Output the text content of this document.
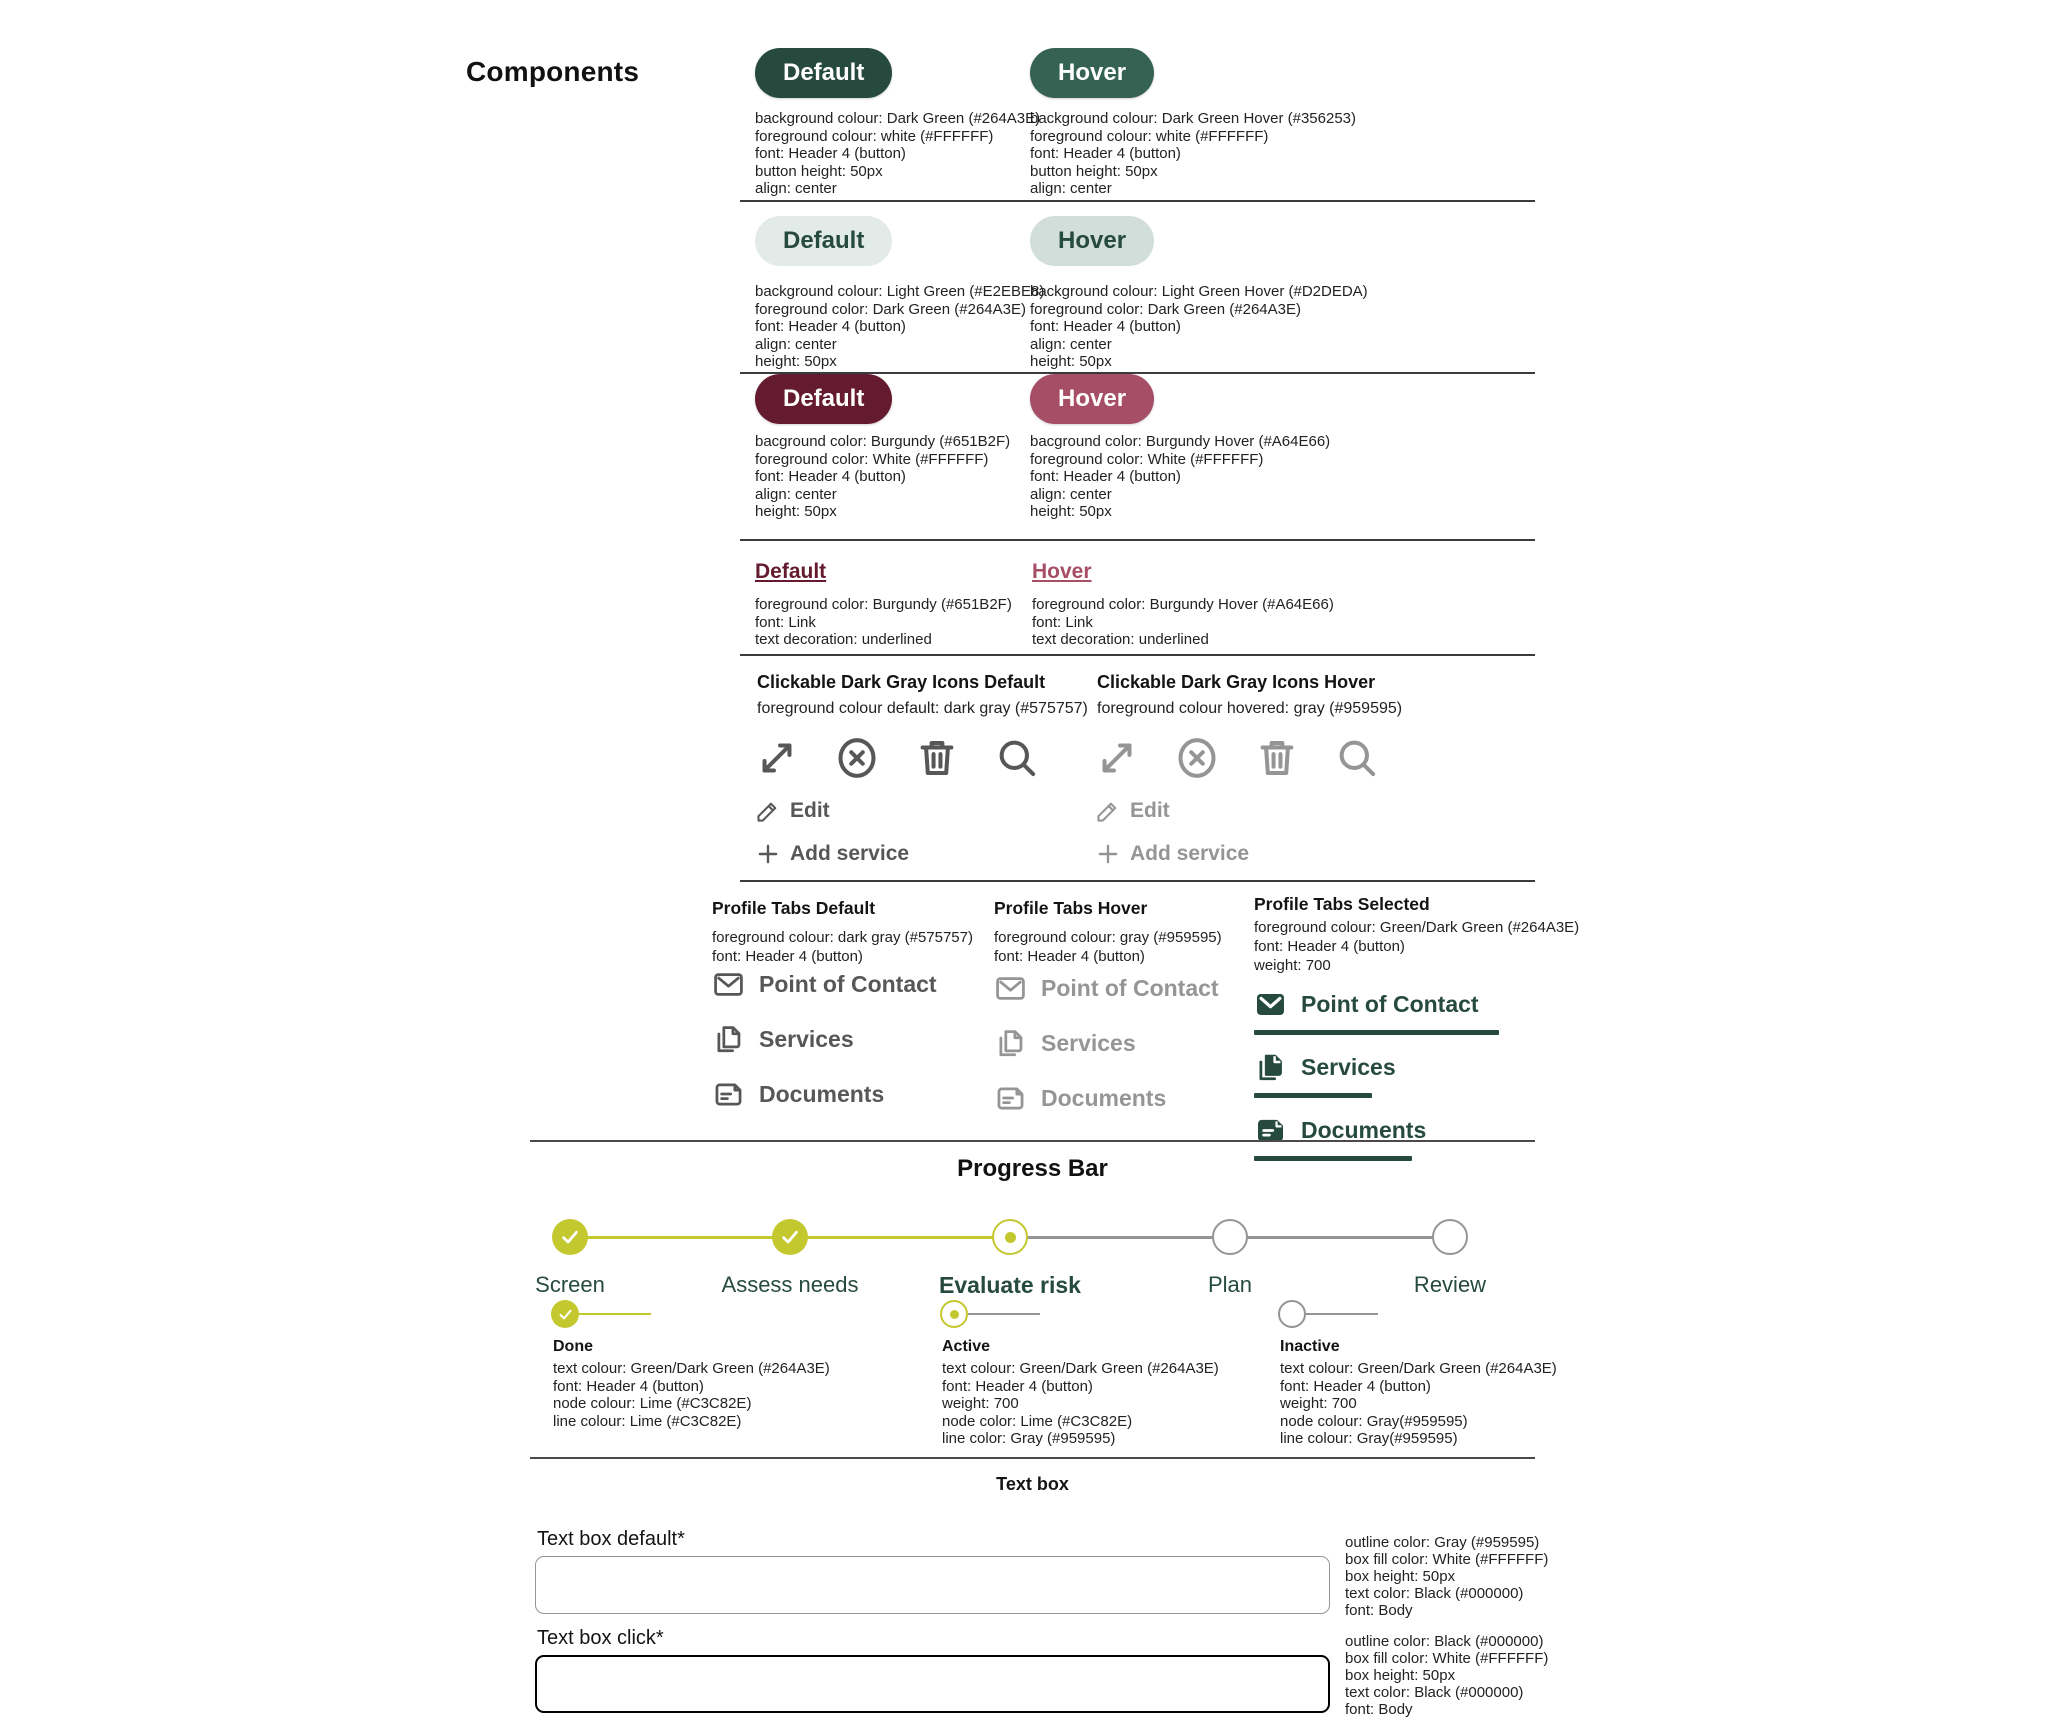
Components	Default	Hover
background colour: Dark Green (#264A3E)
foreground colour: white (#FFFFFF)
font: Header 4 (button)
button height: 50px
align: center
background colour: Dark Green Hover (#356253)
foreground colour: white (#FFFFFF)
font: Header 4 (button)
button height: 50px
align: center
Default	Hover
background colour: Light Green (#E2EBE8)
foreground color: Dark Green (#264A3E)
font: Header 4 (button)
align: center
height: 50px
background colour: Light Green Hover (#D2DEDA)
foreground color: Dark Green (#264A3E)
font: Header 4 (button)
align: center
height: 50px
Default	Hover
bacground color: Burgundy (#651B2F)
foreground color: White (#FFFFFF)
font: Header 4 (button)
align: center
height: 50px
bacground color: Burgundy Hover (#A64E66)
foreground color: White (#FFFFFF)
font: Header 4 (button)
align: center
height: 50px
Default	Hover
foreground color: Burgundy (#651B2F)
font: Link
text decoration: underlined
foreground color: Burgundy Hover (#A64E66)
font: Link
text decoration: underlined
Clickable Dark Gray Icons Default
foreground colour default: dark gray (#575757)
Edit
Add service
Clickable Dark Gray Icons Hover
foreground colour hovered: gray (#959595)
Edit
Add service
Profile Tabs Default
foreground colour: dark gray (#575757)
font: Header 4 (button)
Point of Contact
Services
Documents
Profile Tabs Hover
foreground colour: gray (#959595)
font: Header 4 (button)
Point of Contact
Services
Documents
Profile Tabs Selected
foreground colour: Green/Dark Green (#264A3E)
font: Header 4 (button)
weight: 700
Point of Contact
Services
Documents
Progress Bar
Screen	Assess needs	Evaluate risk	Plan	Review
Done
text colour: Green/Dark Green (#264A3E)
font: Header 4 (button)
node colour: Lime (#C3C82E)
line colour: Lime (#C3C82E)
Active
text colour: Green/Dark Green (#264A3E)
font: Header 4 (button)
weight: 700
node color: Lime (#C3C82E)
line color: Gray (#959595)
Inactive
text colour: Green/Dark Green (#264A3E)
font: Header 4 (button)
weight: 700
node colour: Gray(#959595)
line colour: Gray(#959595)
Text box
Text box default*	outline color: Gray (#959595)
box fill color: White (#FFFFFF)
box height: 50px
text color: Black (#000000)
font: Body
Text box click*	outline color: Black (#000000)
box fill color: White (#FFFFFF)
box height: 50px
text color: Black (#000000)
font: Body
